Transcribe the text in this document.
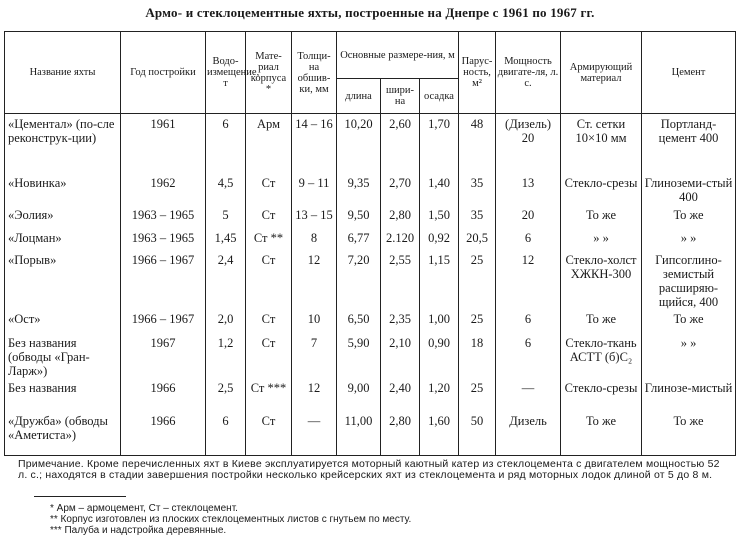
Армо- и стеклоцементные яхты, построенные на Днепре с 1961 по 1967 гг.
Название яхты	Год постройки	Водо-измещение, т	Мате-риал корпуса *	Толщи-на обшив-ки, мм	Основные размере-ния, м			Парус-ность, м²	Мощность двигате-ля, л. с.	Армирующий материал	Цемент
					длина	шири-на	осадка				
«Цементал» (по-сле реконструк-ции)	1961	6	Арм	14 – 16	10,20	2,60	1,70	48	(Дизель) 20	Ст. сетки 10×10 мм	Портланд-цемент 400
«Новинка»	1962	4,5	Ст	9 – 11	9,35	2,70	1,40	35	13	Стекло-срезы	Глиноземи-стый 400
«Эолия»	1963 – 1965	5	Ст	13 – 15	9,50	2,80	1,50	35	20	То же	То же
«Лоцман»	1963 – 1965	1,45	Ст **	8	6,77	2.120	0,92	20,5	6	» »	» »
«Порыв»	1966 – 1967	2,4	Ст	12	7,20	2,55	1,15	25	12	Стекло-холст ХЖКН-300	Гипсоглино-земистый расширяю-щийся, 400
«Ост»	1966 – 1967	2,0	Ст	10	6,50	2,35	1,00	25	6	То же	То же
Без названия (обводы «Гран-Ларж»)	1967	1,2	Ст	7	5,90	2,10	0,90	18	6	Стекло-ткань АСТТ (б)С₂	» »
Без названия	1966	2,5	Ст ***	12	9,00	2,40	1,20	25	—	Стекло-срезы	Глинозе-мистый
«Дружба» (обводы «Аметиста»)	1966	6	Ст	—	11,00	2,80	1,60	50	Дизель	То же	То же
Примечание. Кроме перечисленных яхт в Киеве эксплуатируется моторный каютный катер из стеклоцемента с двигателем мощностью 52 л. с.; находятся в стадии завершения постройки несколько крейсерских яхт из стеклоцемента и ряд моторных лодок длиной от 5 до 8 м.
* Арм – армоцемент, Ст – стеклоцемент.
** Корпус изготовлен из плоских стеклоцементных листов с гнутьем по месту.
*** Палуба и надстройка деревянные.
